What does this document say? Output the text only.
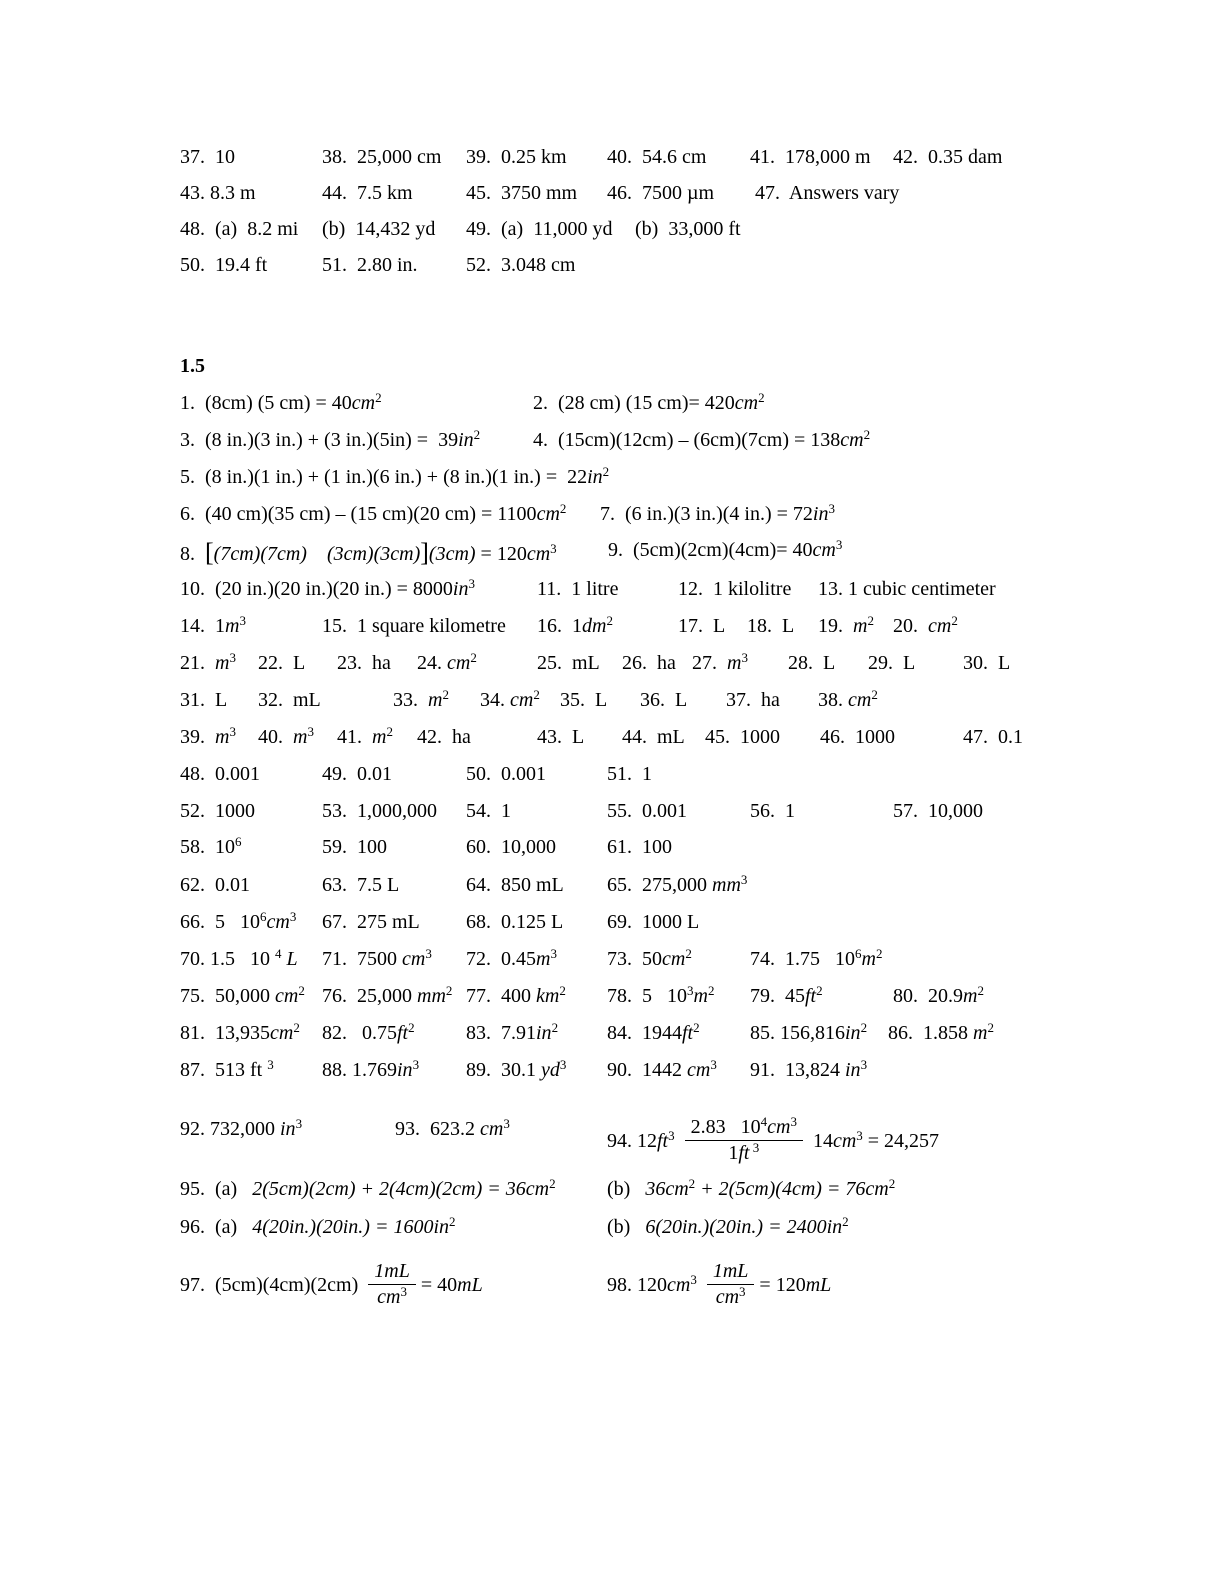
1.5
37.  10	38.  25,000 cm 39.  0.25 km 40.  54.6 cm 41.  178,000 m 42.  0.35 dam
43. 8.3 m	44.  7.5 km	45.  3750 mm 46.  7500 µm 47.  Answers vary
48.  (a)  8.2 mi (b)  14,432 yd 49.  (a)  11,000 yd (b)  33,000 ft
50.  19.4 ft	51.  2.80 in. 52.  3.048 cm
1.  (8cm) (5 $cm) = 40cm^2$	2.  (28 cm) (15 $cm)= 420cm^2$
3.  (8 in.)(3 in.) + (3 $in.)(5in) = 39in^2$	4.  $(15cm)(12cm) - (6cm)(7cm) = 138cm^2$
5.  (8 in.)(1 in.) + (1 in.)(6 in.) + (8 in.)(1 $in.) = 22in^2$
6.  (40 cm)(35 cm) – (15 cm)(20 $cm) = 1100cm^2$ 7.  (6 in.)(3 in.)(4 $in.) = 72in^3$
8.  [(7cm)(7cm)    $(3cm)(3cm)](3cm) = 120cm^3$	9.  $(5cm)(2cm)(4cm)= 40cm^3$
10.  (20 in.)(20 in.)(20 $in.) = 8000in^3$	11.  1 litre	12.  1 kilolitre 13. 1 cubic centimeter
14.  $1m^3$	15.  1 square kilometre 16.  $1dm^2$	17.  L 18.  L 19.  $m^2$ 20.  $cm^2$
21.  $m^3$ 22.  L 23.  ha 24. $cm^2$	25.  mL 26.  ha 27.  $m^3$ 28.  L 29.  L 30.  L
31.  L 32.  mL	33.  $m^2$ 34. $cm^2$ 35.  L 36.  L 37.  ha 38. $cm^2$
39.  $m^3$ 40.  $m^3$ 41.  $m^2$ 42.  ha	43.  L 44.  mL 45.  1000 46.  1000	47.  0.1
48.  0.001	49.  0.01	50.  0.001	51.  1
52.  1000	53.  1,000,000 54.  1	55.  0.001	56.  1	57.  10,000
58.  $10^6$	59.  100	60.  10,000	61.  100
62.  0.01	63.  7.5 L	64.  850 mL 65.  275,000 $mm^3$
66.  5   $10^6cm^3$ 67.  275 mL 68.  0.125 L 69.  1000 L
70. 1.5   10 $^4$ L 71.  7500 $cm^3$ 72.  $0.45m^3$	73.  $50cm^2$	74.  1.75   $10^6m^2$
75.  50,000 $cm^2$ 76.  25,000 $mm^2$ 77.  400 $km^2$ 78.  5   $10^3m^2$ 79.  $45ft^2$	80.  $20.9m^2$
81.  $13,935cm^2$ 82.   $0.75ft^2$	83.  $7.91in^2$ 84.  $1944ft^2$	85. $156,816in^2$ 86.  1.858 $m^2$
87.  513 ft $^3$ 88. $1.769in^3$ 89.  30.1 $yd^3$ 90.  1442 $cm^3$ 91.  13,824 $in^3$
92. 732,000 $in^3$	93.  623.2 $cm^3$
94. $12ft^3 \frac{2.83 10^4cm^3}{1ft ^3} 14cm^3 = 24,257$
95.  (a)   $2(5cm)(2cm) + 2(4cm)(2cm) = 36cm^2$	(b)   $36cm^2 + 2(5cm)(4cm) = 76cm^2$
96.  (a)   $4(20in.)(20in.) = 1600in^2$	(b)   $6(20in.)(20in.) = 2400in^2$
97.  $(5cm)(4cm)(2cm) \frac{1mL}{cm^3} = 40mL$	98. $120cm^3 \frac{1mL}{cm^3} = 120mL$
